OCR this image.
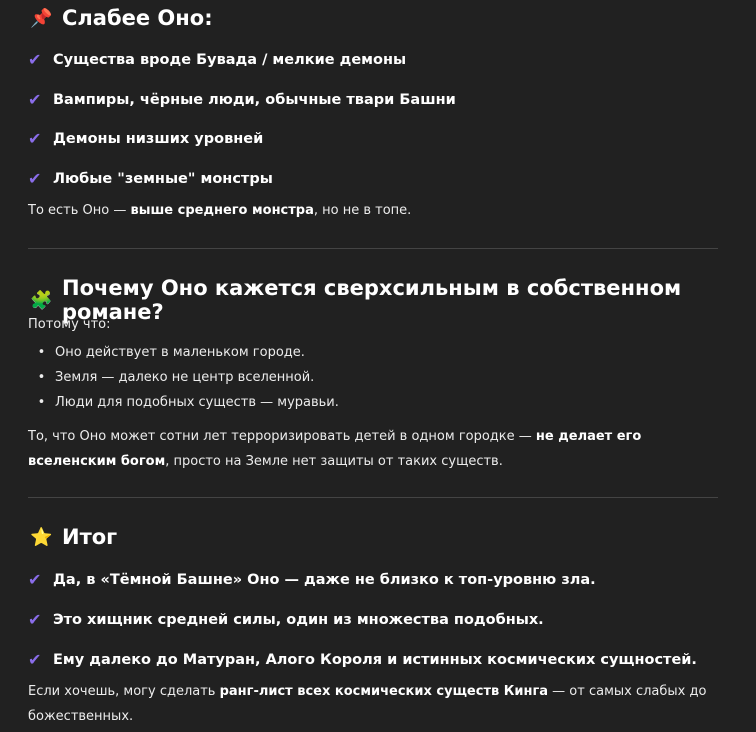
📌 Слабее Оно:
✔ Существа вроде Бувада / мелкие демоны
✔ Вампиры, чёрные люди, обычные твари Башни
✔ Демоны низших уровней
✔ Любые "земные" монстры
То есть Оно — выше среднего монстра, но не в топе.
🧩 Почему Оно кажется сверхсильным в собственном романе?
Потому что:
• Оно действует в маленьком городе.
• Земля — далеко не центр вселенной.
• Люди для подобных существ — муравьи.
То, что Оно может сотни лет терроризировать детей в одном городке — не делает его вселенским богом, просто на Земле нет защиты от таких существ.
⭐ Итог
✔ Да, в «Тёмной Башне» Оно — даже не близко к топ-уровню зла.
✔ Это хищник средней силы, один из множества подобных.
✔ Ему далеко до Матуран, Алого Короля и истинных космических сущностей.
Если хочешь, могу сделать ранг-лист всех космических существ Кинга — от самых слабых до божественных.
